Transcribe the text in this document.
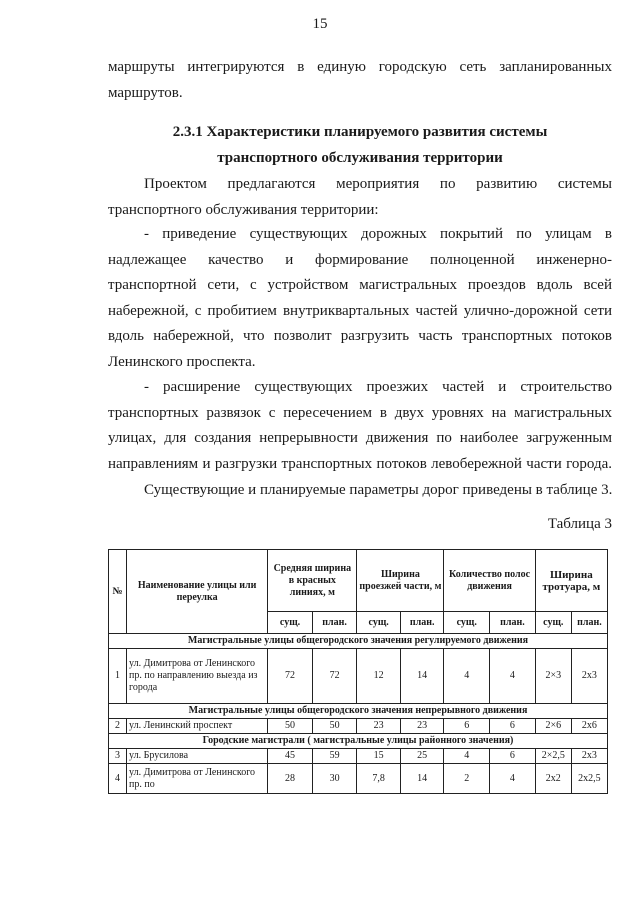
15
маршруты интегрируются в единую городскую сеть запланированных
маршрутов.
2.3.1 Характеристики планируемого развития системы
транспортного обслуживания территории
Проектом предлагаются мероприятия по развитию системы
транспортного обслуживания территории:
- приведение существующих дорожных покрытий по улицам в
надлежащее качество и формирование полноценной инженерно-
транспортной сети, с устройством магистральных проездов вдоль всей
набережной, с пробитием внутриквартальных частей улично-дорожной сети
вдоль набережной, что позволит разгрузить часть транспортных потоков
Ленинского проспекта.
- расширение существующих проезжих частей и строительство
транспортных развязок с пересечением в двух уровнях на магистральных
улицах, для создания непрерывности движения по наиболее загруженным
направлениям и разгрузки транспортных потоков левобережной части города.
Существующие и планируемые параметры дорог приведены в таблице 3.
Таблица 3
№	Наименование улицы или переулка	Средняя ширина в красных линиях, м		Ширина проезжей части, м		Количество полос движения		Ширина тротуара, м	
		сущ.	план.	сущ.	план.	сущ.	план.	сущ.	план.
Магистральные улицы общегородского значения регулируемого движения									
1	ул. Димитрова от Ленинского пр. по направлению выезда из города	72	72	12	14	4	4	2×3	2х3
Магистральные улицы общегородского значения непрерывного движения									
2	ул. Ленинский проспект	50	50	23	23	6	6	2×6	2х6
Городские магистрали ( магистральные улицы районного значения)									
3	ул. Брусилова	45	59	15	25	4	6	2×2,5	2х3
4	ул. Димитрова от Ленинского пр. по	28	30	7,8	14	2	4	2х2	2х2,5
